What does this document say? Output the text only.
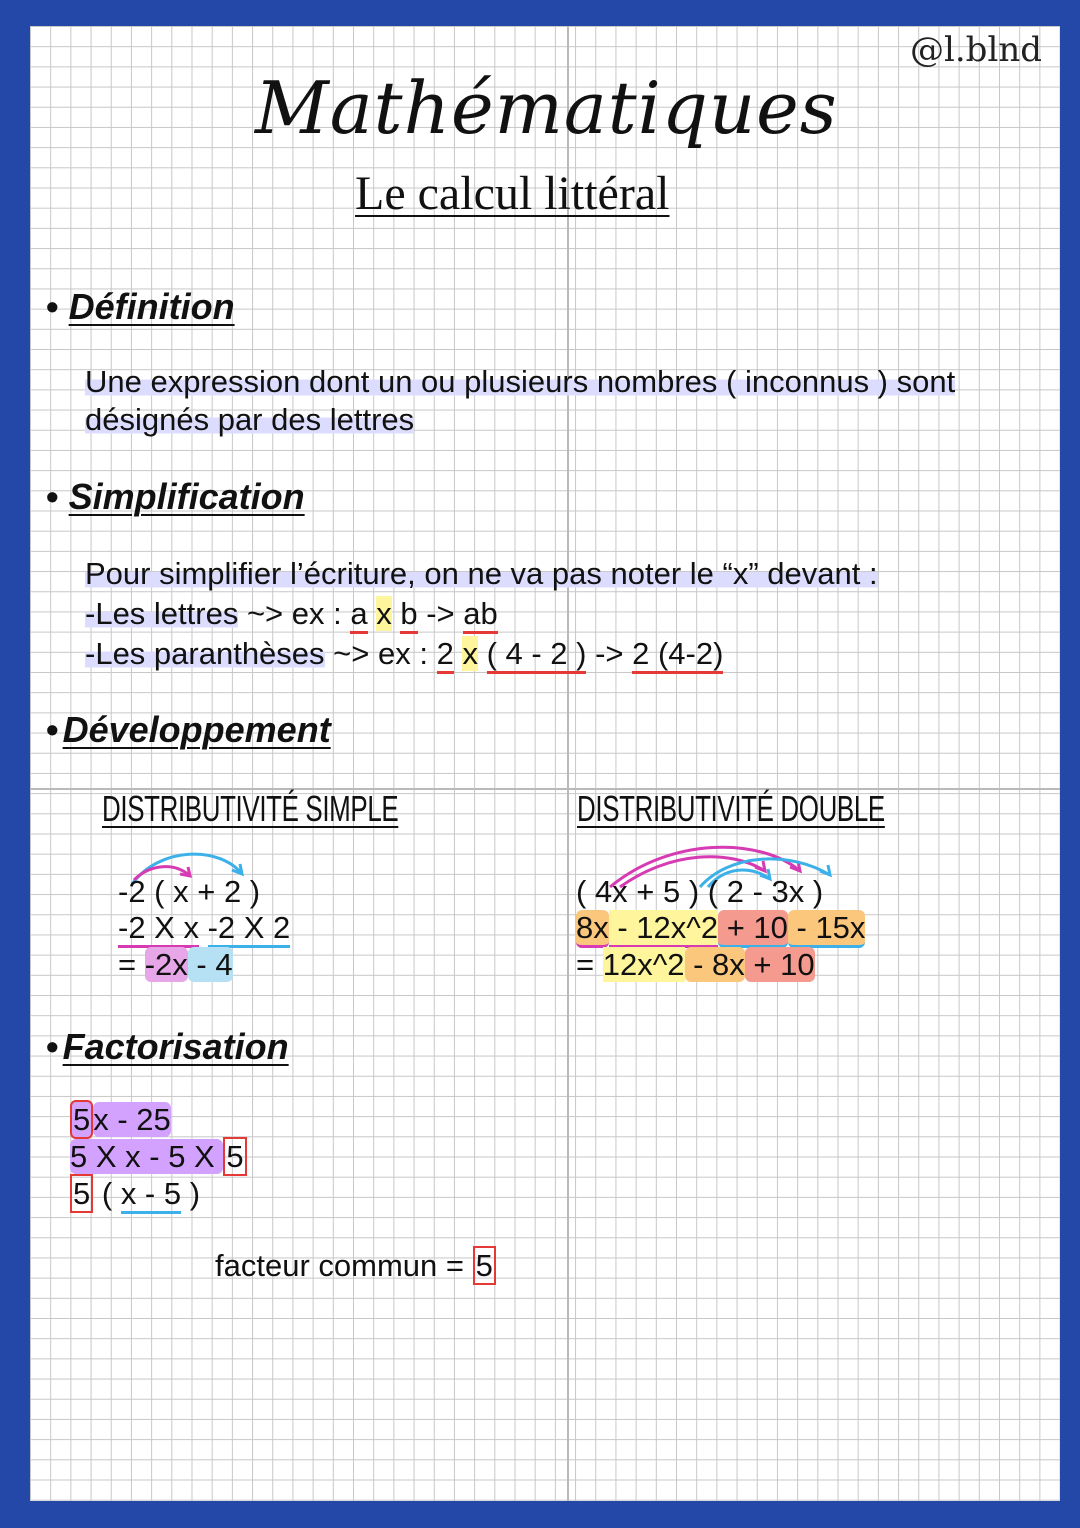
@l.blnd
Mathématiques
Le calcul littéral
• Définition
Une expression dont un ou plusieurs nombres ( inconnus ) sont
désignés par des lettres
• Simplification
Pour simplifier l’écriture, on ne va pas noter le “x” devant :
-Les lettres ~> ex : a x b -> ab
-Les paranthèses ~> ex : 2 x ( 4 - 2 ) -> 2 (4-2)
• Développement
DISTRIBUTIVITÉ SIMPLE
-2 ( x + 2 )
-2 X x -2 X 2
= -2x - 4
DISTRIBUTIVITÉ DOUBLE
( 4x + 5 ) ( 2 - 3x )
8x - 12x^2 + 10 - 15x
= 12x^2 - 8x + 10
• Factorisation
5x - 25
5 X x - 5 X 5
5 ( x - 5 )
facteur commun = 5
